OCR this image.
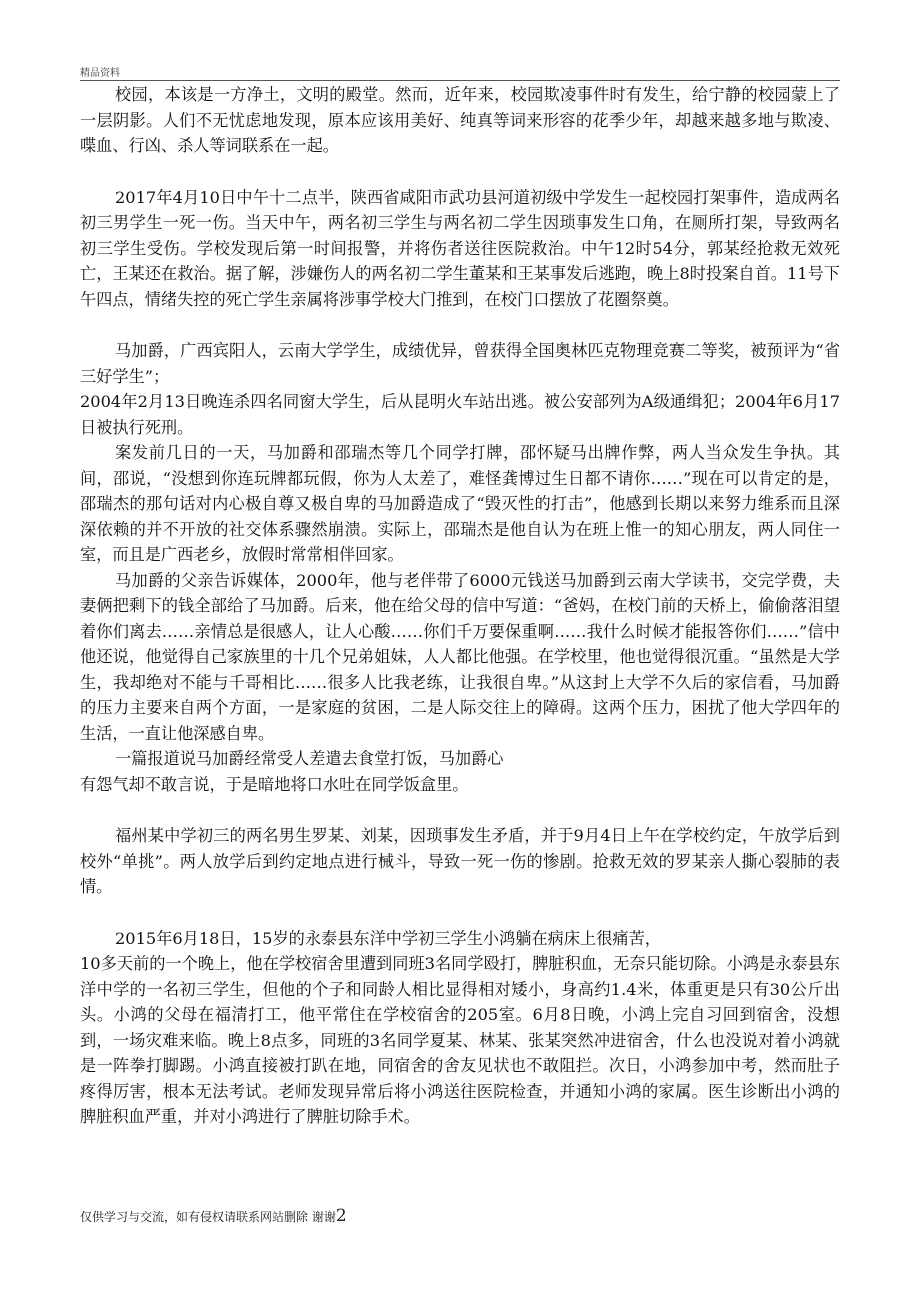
精品资料

校园，本该是一方净土，文明的殿堂。然而，近年来，校园欺凌事件时有发生，给宁静的校园蒙上了一层阴影。人们不无忧虑地发现，原本应该用美好、纯真等词来形容的花季少年，却越来越多地与欺凌、喋血、行凶、杀人等词联系在一起。

2017年4月10日中午十二点半，陕西省咸阳市武功县河道初级中学发生一起校园打架事件，造成两名初三男学生一死一伤。当天中午，两名初三学生与两名初二学生因琐事发生口角，在厕所打架，导致两名初三学生受伤。学校发现后第一时间报警，并将伤者送往医院救治。中午12时54分，郭某经抢救无效死亡，王某还在救治。据了解，涉嫌伤人的两名初二学生董某和王某事发后逃跑，晚上8时投案自首。11号下午四点，情绪失控的死亡学生亲属将涉事学校大门推到，在校门口摆放了花圈祭奠。

马加爵，广西宾阳人，云南大学学生，成绩优异，曾获得全国奥林匹克物理竞赛二等奖，被预评为“省三好学生”；

2004年2月13日晚连杀四名同窗大学生，后从昆明火车站出逃。被公安部列为A级通缉犯；2004年6月17日被执行死刑。

案发前几日的一天，马加爵和邵瑞杰等几个同学打牌，邵怀疑马出牌作弊，两人当众发生争执。其间，邵说，“没想到你连玩牌都玩假，你为人太差了，难怪龚博过生日都不请你……”现在可以肯定的是，邵瑞杰的那句话对内心极自尊又极自卑的马加爵造成了“毁灭性的打击”，他感到长期以来努力维系而且深深依赖的并不开放的社交体系骤然崩溃。实际上，邵瑞杰是他自认为在班上惟一的知心朋友，两人同住一室，而且是广西老乡，放假时常常相伴回家。

马加爵的父亲告诉媒体，2000年，他与老伴带了6000元钱送马加爵到云南大学读书，交完学费，夫妻俩把剩下的钱全部给了马加爵。后来，他在给父母的信中写道：“爸妈，在校门前的天桥上，偷偷落泪望着你们离去……亲情总是很感人，让人心酸……你们千万要保重啊……我什么时候才能报答你们……”信中他还说，他觉得自己家族里的十几个兄弟姐妹，人人都比他强。在学校里，他也觉得很沉重。“虽然是大学生，我却绝对不能与千哥相比……很多人比我老练，让我很自卑。”从这封上大学不久后的家信看，马加爵的压力主要来自两个方面，一是家庭的贫困，二是人际交往上的障碍。这两个压力，困扰了他大学四年的生活，一直让他深感自卑。

一篇报道说马加爵经常受人差遣去食堂打饭，马加爵心

有怨气却不敢言说，于是暗地将口水吐在同学饭盒里。

福州某中学初三的两名男生罗某、刘某，因琐事发生矛盾，并于9月4日上午在学校约定，午放学后到校外“单挑”。两人放学后到约定地点进行械斗，导致一死一伤的惨剧。抢救无效的罗某亲人撕心裂肺的表情。

2015年6月18日，15岁的永泰县东洋中学初三学生小鸿躺在病床上很痛苦，

10多天前的一个晚上，他在学校宿舍里遭到同班3名同学殴打，脾脏积血，无奈只能切除。小鸿是永泰县东洋中学的一名初三学生，但他的个子和同龄人相比显得相对矮小，身高约1.4米，体重更是只有30公斤出头。小鸿的父母在福清打工，他平常住在学校宿舍的205室。6月8日晚，小鸿上完自习回到宿舍，没想到，一场灾难来临。晚上8点多，同班的3名同学夏某、林某、张某突然冲进宿舍，什么也没说对着小鸿就是一阵拳打脚踢。小鸿直接被打趴在地，同宿舍的舍友见状也不敢阻拦。次日，小鸿参加中考，然而肚子疼得厉害，根本无法考试。老师发现异常后将小鸿送往医院检查，并通知小鸿的家属。医生诊断出小鸿的脾脏积血严重，并对小鸿进行了脾脏切除手术。

仅供学习与交流，如有侵权请联系网站删除 谢谢2
